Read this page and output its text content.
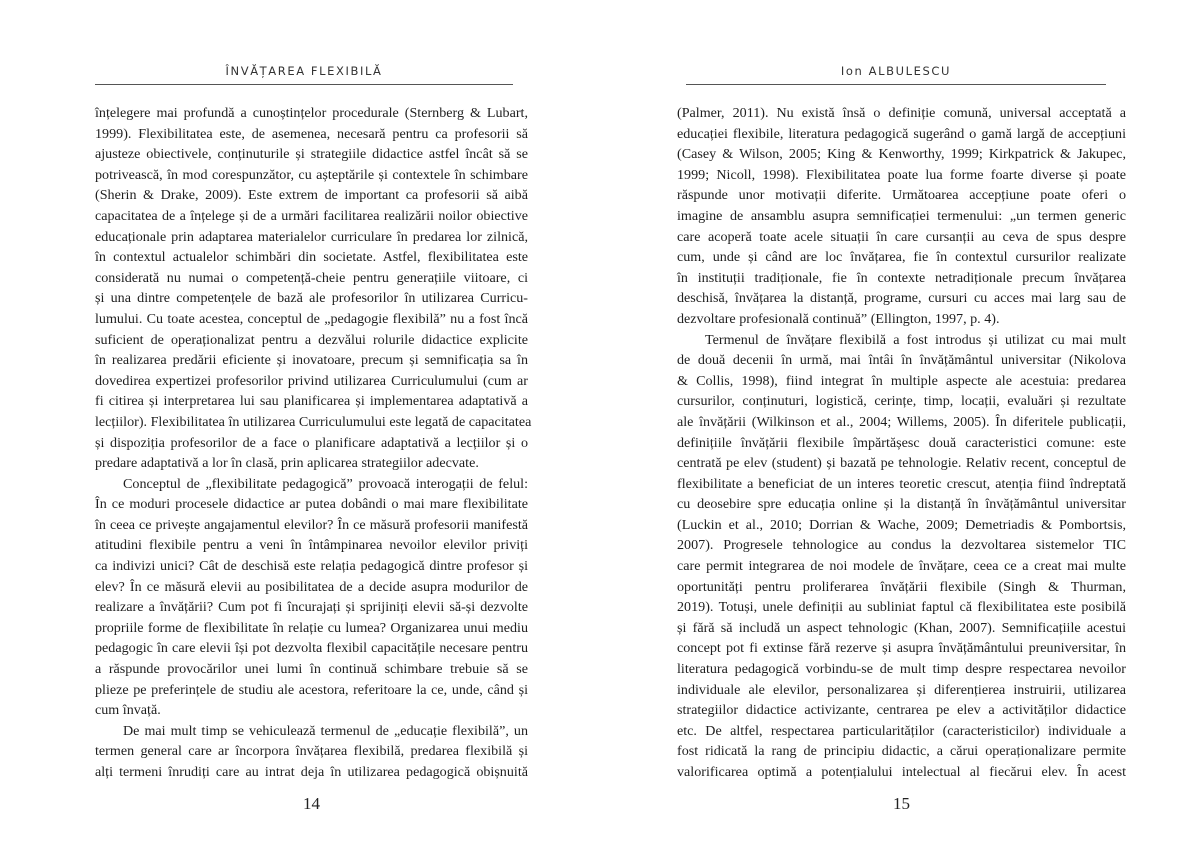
ÎNVĂȚAREA FLEXIBILĂ

înțelegere mai profundă a cunoștințelor procedurale (Sternberg & Lubart,
1999). Flexibilitatea este, de asemenea, necesară pentru ca profesorii să
ajusteze obiectivele, conținuturile și strategiile didactice astfel încât să se
potrivească, în mod corespunzător, cu așteptările și contextele în schimbare
(Sherin & Drake, 2009). Este extrem de important ca profesorii să aibă
capacitatea de a înțelege și de a urmări facilitarea realizării noilor obiective
educaționale prin adaptarea materialelor curriculare în predarea lor zilnică,
în contextul actualelor schimbări din societate. Astfel, flexibilitatea este
considerată nu numai o competență-cheie pentru generațiile viitoare, ci
și una dintre competențele de bază ale profesorilor în utilizarea Curricu-
lumului. Cu toate acestea, conceptul de „pedagogie flexibilă” nu a fost încă
suficient de operaționalizat pentru a dezvălui rolurile didactice explicite
în realizarea predării eficiente și inovatoare, precum și semnificația sa în
dovedirea expertizei profesorilor privind utilizarea Curriculumului (cum ar
fi citirea și interpretarea lui sau planificarea și implementarea adaptativă a
lecțiilor). Flexibilitatea în utilizarea Curriculumului este legată de capacitatea
și dispoziția profesorilor de a face o planificare adaptativă a lecțiilor și o
predare adaptativă a lor în clasă, prin aplicarea strategiilor adecvate.

Conceptul de „flexibilitate pedagogică” provoacă interogații de felul:
În ce moduri procesele didactice ar putea dobândi o mai mare flexibilitate
în ceea ce privește angajamentul elevilor? În ce măsură profesorii manifestă
atitudini flexibile pentru a veni în întâmpinarea nevoilor elevilor priviți
ca indivizi unici? Cât de deschisă este relația pedagogică dintre profesor și
elev? În ce măsură elevii au posibilitatea de a decide asupra modurilor de
realizare a învățării? Cum pot fi încurajați și sprijiniți elevii să-și dezvolte
propriile forme de flexibilitate în relație cu lumea? Organizarea unui mediu
pedagogic în care elevii își pot dezvolta flexibil capacitățile necesare pentru
a răspunde provocărilor unei lumi în continuă schimbare trebuie să se
plieze pe preferințele de studiu ale acestora, referitoare la ce, unde, când și
cum învață.

De mai mult timp se vehiculează termenul de „educație flexibilă”, un
termen general care ar încorpora învățarea flexibilă, predarea flexibilă și
alți termeni înrudiți care au intrat deja în utilizarea pedagogică obișnuită

14
Ion ALBULESCU

(Palmer, 2011). Nu există însă o definiție comună, universal acceptată a
educației flexibile, literatura pedagogică sugerând o gamă largă de accepțiuni
(Casey & Wilson, 2005; King & Kenworthy, 1999; Kirkpatrick & Jakupec,
1999; Nicoll, 1998). Flexibilitatea poate lua forme foarte diverse și poate
răspunde unor motivații diferite. Următoarea accepțiune poate oferi o
imagine de ansamblu asupra semnificației termenului: „un termen generic
care acoperă toate acele situații în care cursanții au ceva de spus despre
cum, unde și când are loc învățarea, fie în contextul cursurilor realizate
în instituții tradiționale, fie în contexte netradiționale precum învățarea
deschisă, învățarea la distanță, programe, cursuri cu acces mai larg sau de
dezvoltare profesională continuă” (Ellington, 1997, p. 4).

Termenul de învățare flexibilă a fost introdus și utilizat cu mai mult
de două decenii în urmă, mai întâi în învățământul universitar (Nikolova
& Collis, 1998), fiind integrat în multiple aspecte ale acestuia: predarea
cursurilor, conținuturi, logistică, cerințe, timp, locații, evaluări și rezultate
ale învățării (Wilkinson et al., 2004; Willems, 2005). În diferitele publicații,
definițiile învățării flexibile împărtășesc două caracteristici comune: este
centrată pe elev (student) și bazată pe tehnologie. Relativ recent, conceptul de
flexibilitate a beneficiat de un interes teoretic crescut, atenția fiind îndreptată
cu deosebire spre educația online și la distanță în învățământul universitar
(Luckin et al., 2010; Dorrian & Wache, 2009; Demetriadis & Pombortsis,
2007). Progresele tehnologice au condus la dezvoltarea sistemelor TIC
care permit integrarea de noi modele de învățare, ceea ce a creat mai multe
oportunități pentru proliferarea învățării flexibile (Singh & Thurman,
2019). Totuși, unele definiții au subliniat faptul că flexibilitatea este posibilă
și fără să includă un aspect tehnologic (Khan, 2007). Semnificațiile acestui
concept pot fi extinse fără rezerve și asupra învățământului preuniversitar, în
literatura pedagogică vorbindu-se de mult timp despre respectarea nevoilor
individuale ale elevilor, personalizarea și diferențierea instruirii, utilizarea
strategiilor didactice activizante, centrarea pe elev a activităților didactice
etc. De altfel, respectarea particularităților (caracteristicilor) individuale a
fost ridicată la rang de principiu didactic, a cărui operaționalizare permite
valorificarea optimă a potențialului intelectual al fiecărui elev. În acest

15
